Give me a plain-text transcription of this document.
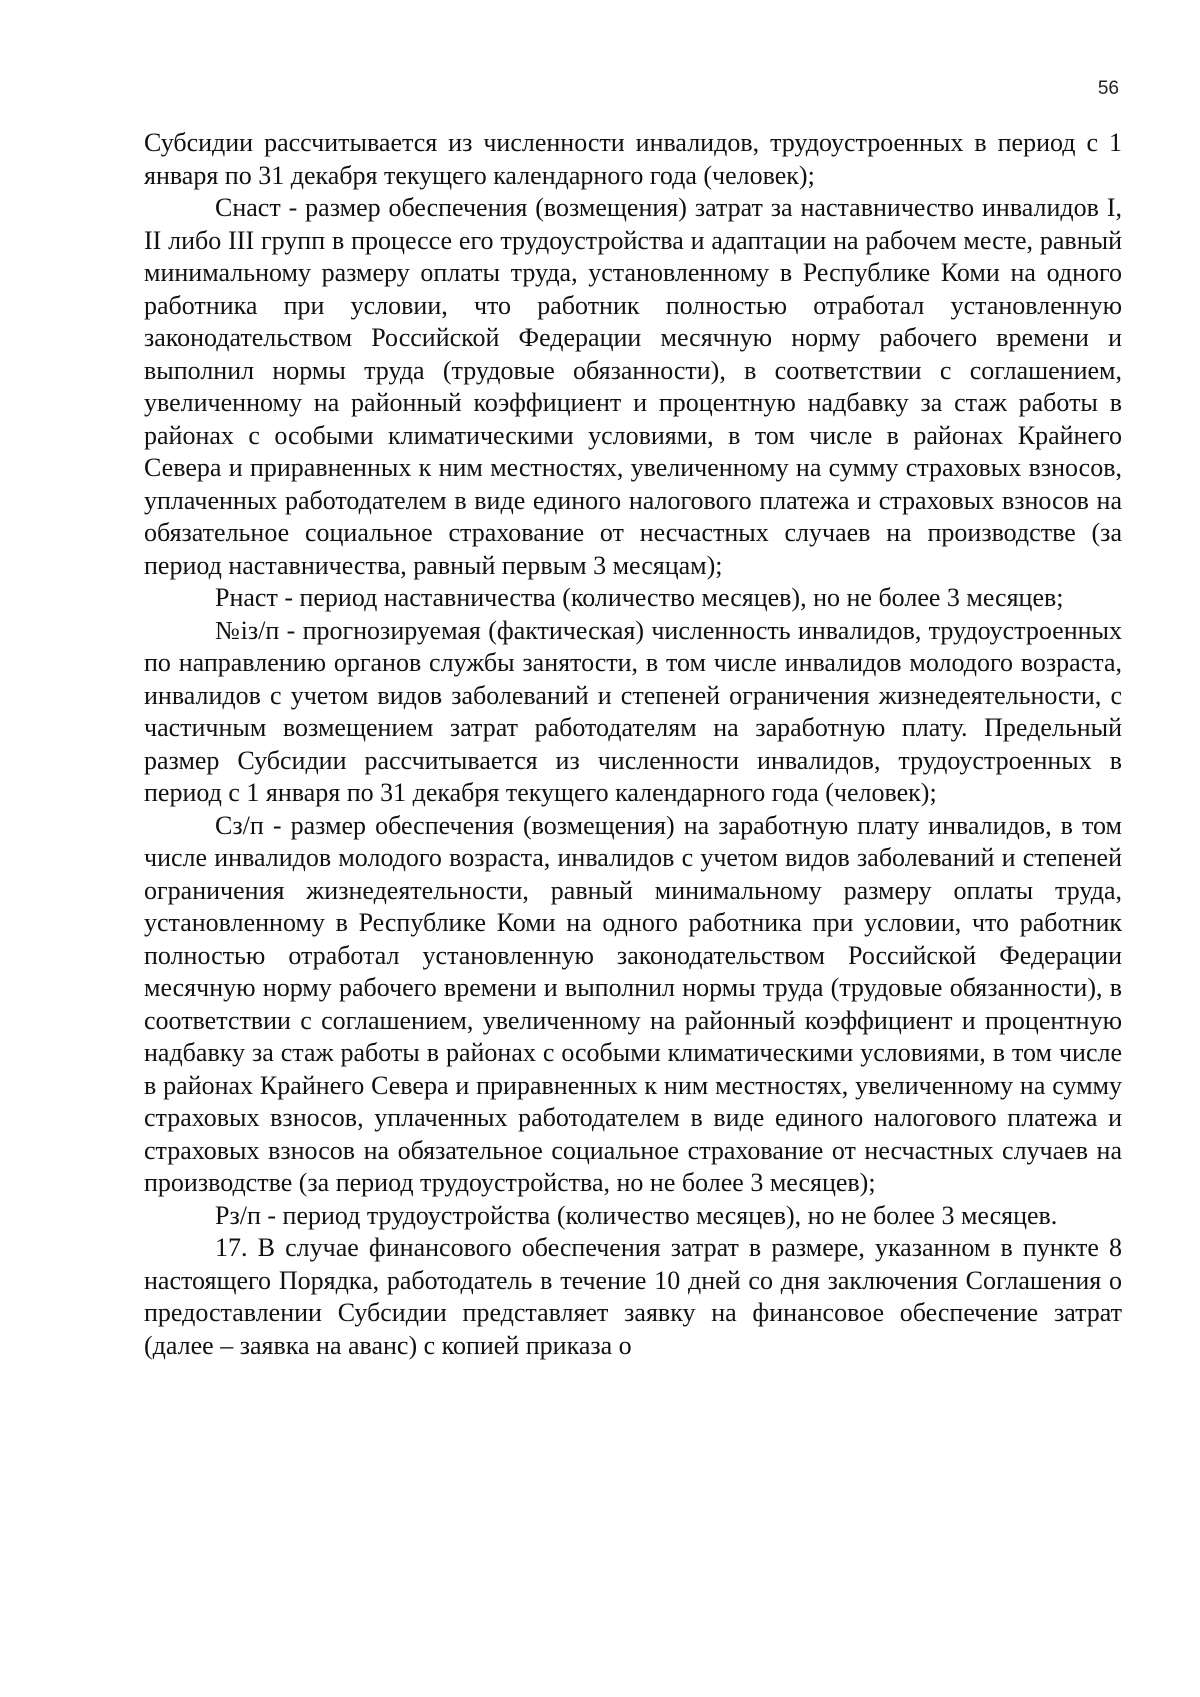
56

Субсидии рассчитывается из численности инвалидов, трудоустроенных в период с 1 января по 31 декабря текущего календарного года (человек);

Снаст - размер обеспечения (возмещения) затрат за наставничество инвалидов I, II либо III групп в процессе его трудоустройства и адаптации на рабочем месте, равный минимальному размеру оплаты труда, установленному в Республике Коми на одного работника при условии, что работник полностью отработал установленную законодательством Российской Федерации месячную норму рабочего времени и выполнил нормы труда (трудовые обязанности), в соответствии с соглашением, увеличенному на районный коэффициент и процентную надбавку за стаж работы в районах с особыми климатическими условиями, в том числе в районах Крайнего Севера и приравненных к ним местностях, увеличенному на сумму страховых взносов, уплаченных работодателем в виде единого налогового платежа и страховых взносов на обязательное социальное страхование от несчастных случаев на производстве (за период наставничества, равный первым 3 месяцам);

Рнаст - период наставничества (количество месяцев), но не более 3 месяцев;

№iз/п - прогнозируемая (фактическая) численность инвалидов, трудоустроенных по направлению органов службы занятости, в том числе инвалидов молодого возраста, инвалидов с учетом видов заболеваний и степеней ограничения жизнедеятельности, с частичным возмещением затрат работодателям на заработную плату. Предельный размер Субсидии рассчитывается из численности инвалидов, трудоустроенных в период с 1 января по 31 декабря текущего календарного года (человек);

Сз/п - размер обеспечения (возмещения) на заработную плату инвалидов, в том числе инвалидов молодого возраста, инвалидов с учетом видов заболеваний и степеней ограничения жизнедеятельности, равный минимальному размеру оплаты труда, установленному в Республике Коми на одного работника при условии, что работник полностью отработал установленную законодательством Российской Федерации месячную норму рабочего времени и выполнил нормы труда (трудовые обязанности), в соответствии с соглашением, увеличенному на районный коэффициент и процентную надбавку за стаж работы в районах с особыми климатическими условиями, в том числе в районах Крайнего Севера и приравненных к ним местностях, увеличенному на сумму страховых взносов, уплаченных работодателем в виде единого налогового платежа и страховых взносов на обязательное социальное страхование от несчастных случаев на производстве (за период трудоустройства, но не более 3 месяцев);

Рз/п - период трудоустройства (количество месяцев), но не более 3 месяцев.

17. В случае финансового обеспечения затрат в размере, указанном в пункте 8 настоящего Порядка, работодатель в течение 10 дней со дня заключения Соглашения о предоставлении Субсидии представляет заявку на финансовое обеспечение затрат (далее – заявка на аванс) с копией приказа о
